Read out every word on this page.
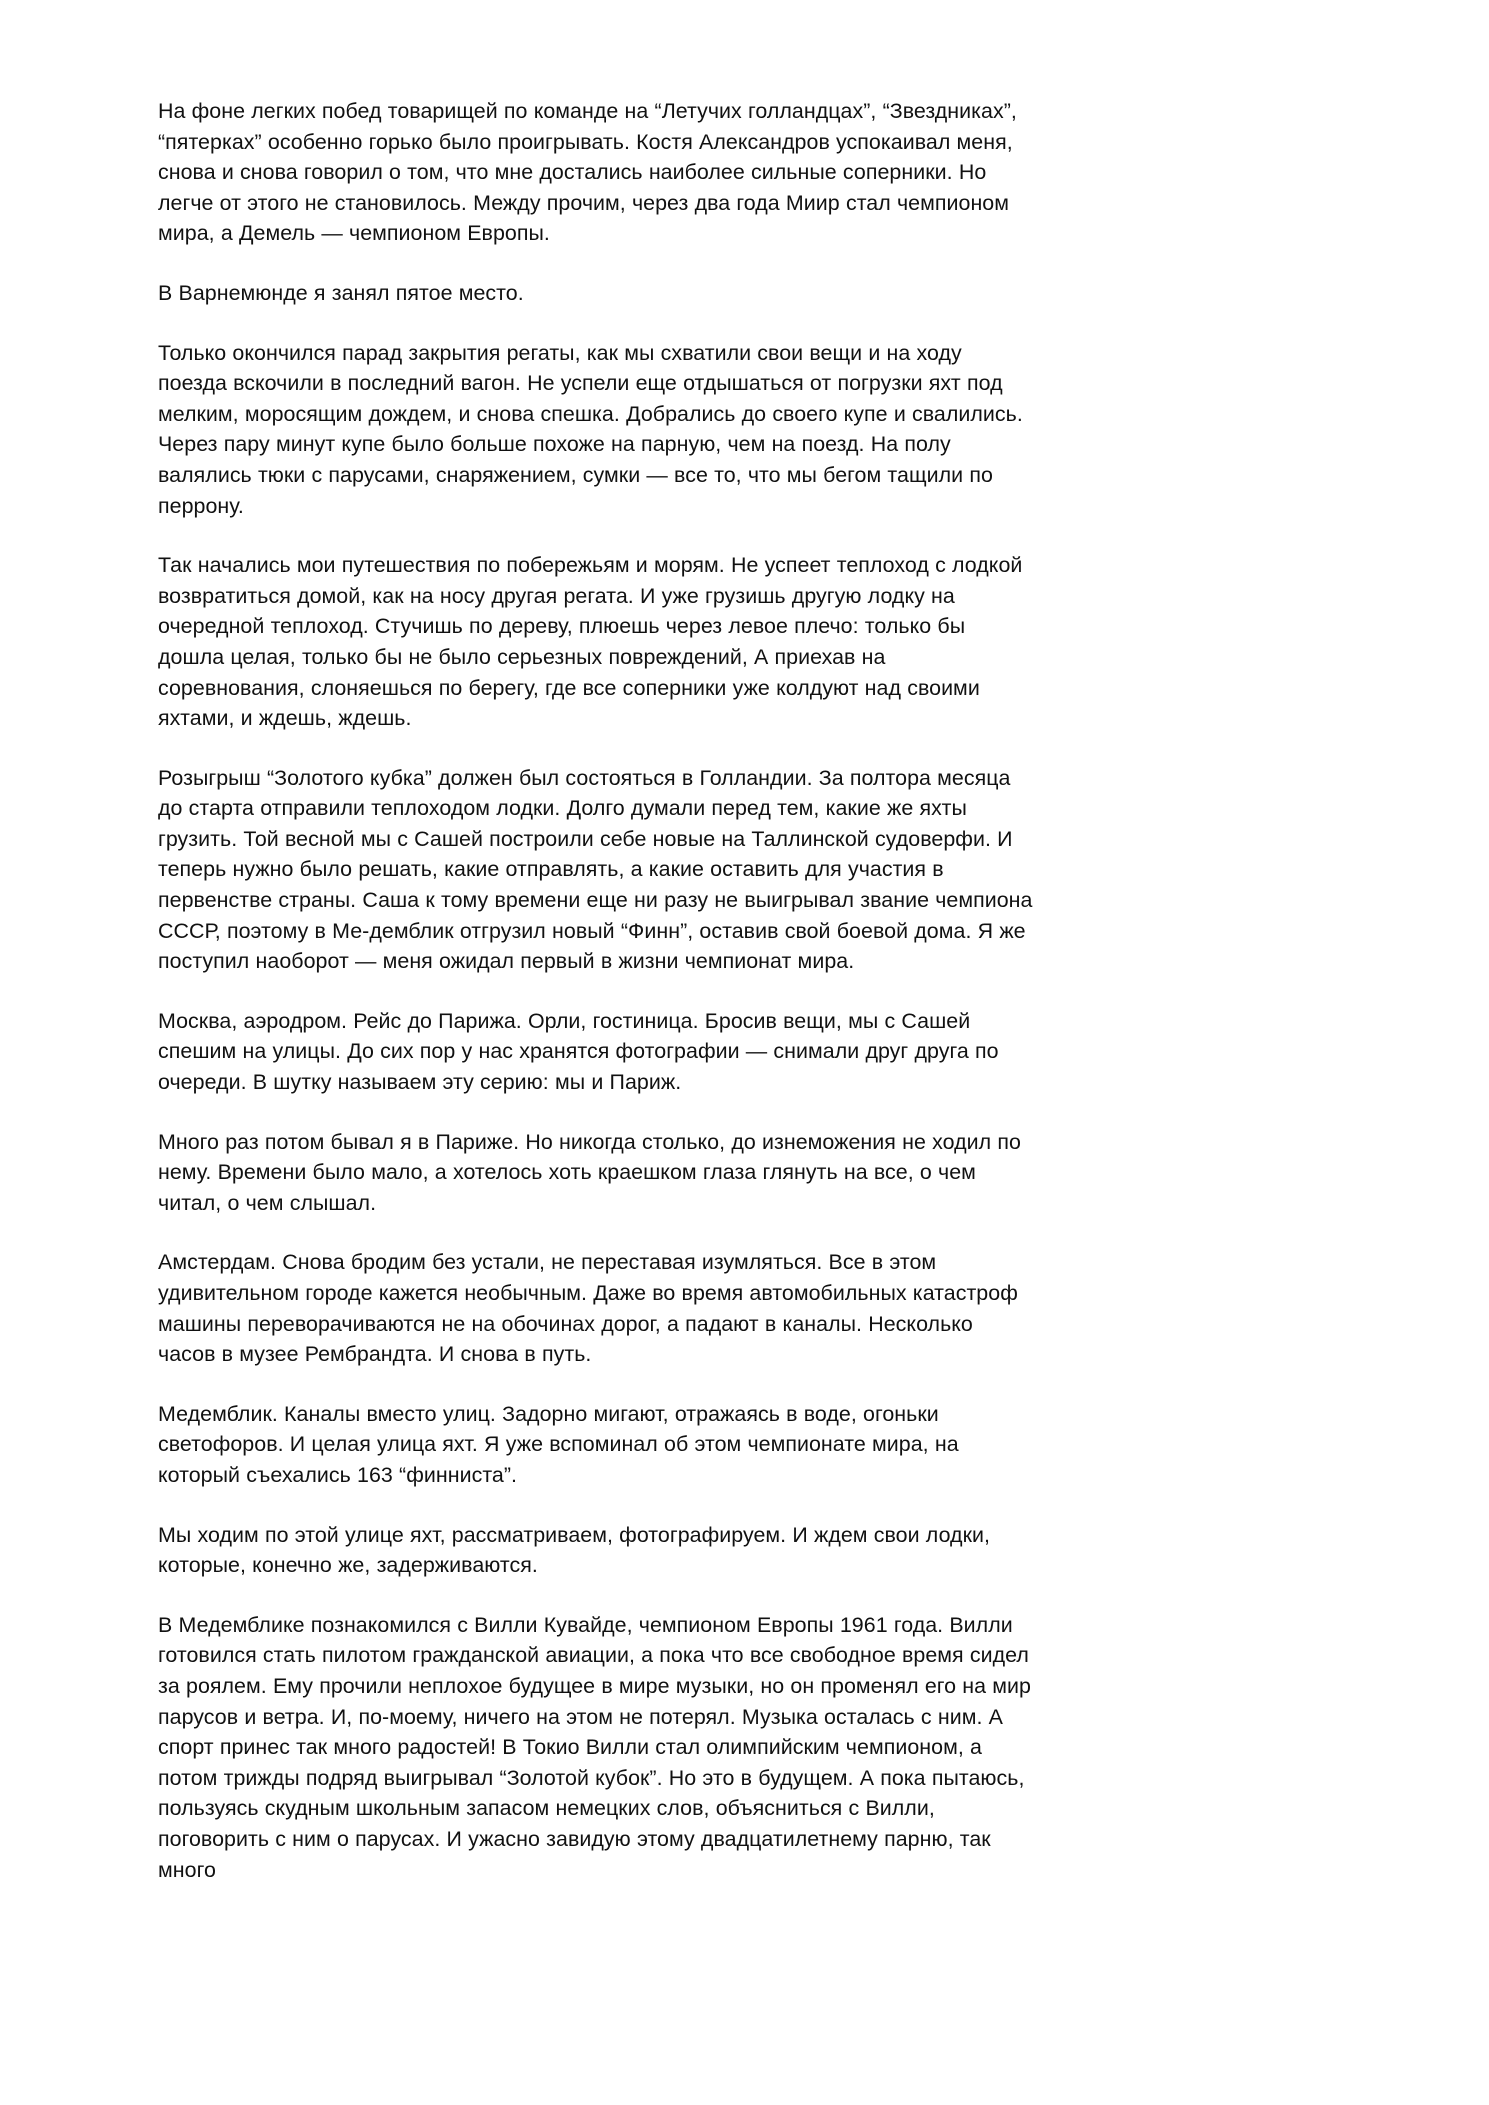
На фоне легких побед товарищей по команде на “Летучих голландцах”, “Звездниках”, “пятерках” особенно горько было проигрывать. Костя Александров успокаивал меня, снова и снова говорил о том, что мне достались наиболее сильные соперники. Но легче от этого не становилось. Между прочим, через два года Миир стал чемпионом мира, а Демель — чемпионом Европы.

В Варнемюнде я занял пятое место.

Только окончился парад закрытия регаты, как мы схватили свои вещи и на ходу поезда вскочили в последний вагон. Не успели еще отдышаться от погрузки яхт под мелким, моросящим дождем, и снова спешка. Добрались до своего купе и свалились. Через пару минут купе было больше похоже на парную, чем на поезд. На полу валялись тюки с парусами, снаряжением, сумки — все то, что мы бегом тащили по перрону.

Так начались мои путешествия по побережьям и морям. Не успеет теплоход с лодкой возвратиться домой, как на носу другая регата. И уже грузишь другую лодку на очередной теплоход. Стучишь по дереву, плюешь через левое плечо: только бы дошла целая, только бы не было серьезных повреждений, А приехав на соревнования, слоняешься по берегу, где все соперники уже колдуют над своими яхтами, и ждешь, ждешь.

Розыгрыш “Золотого кубка” должен был состояться в Голландии. За полтора месяца до старта отправили теплоходом лодки. Долго думали перед тем, какие же яхты грузить. Той весной мы с Сашей построили себе новые на Таллинской судоверфи. И теперь нужно было решать, какие отправлять, а какие оставить для участия в первенстве страны. Саша к тому времени еще ни разу не выигрывал звание чемпиона СССР, поэтому в Ме-демблик отгрузил новый “Финн”, оставив свой боевой дома. Я же поступил наоборот — меня ожидал первый в жизни чемпионат мира.

Москва, аэродром. Рейс до Парижа. Орли, гостиница. Бросив вещи, мы с Сашей спешим на улицы. До сих пор у нас хранятся фотографии — снимали друг друга по очереди. В шутку называем эту серию: мы и Париж.

Много раз потом бывал я в Париже. Но никогда столько, до изнеможения не ходил по нему. Времени было мало, а хотелось хоть краешком глаза глянуть на все, о чем читал, о чем слышал.

Амстердам. Снова бродим без устали, не переставая изумляться. Все в этом удивительном городе кажется необычным. Даже во время автомобильных катастроф машины переворачиваются не на обочинах дорог, а падают в каналы. Несколько часов в музее Рембрандта. И снова в путь.

Медемблик. Каналы вместо улиц. Задорно мигают, отражаясь в воде, огоньки светофоров. И целая улица яхт. Я уже вспоминал об этом чемпионате мира, на который съехались 163 “финниста”.

Мы ходим по этой улице яхт, рассматриваем, фотографируем. И ждем свои лодки, которые, конечно же, задерживаются.

В Медемблике познакомился с Вилли Кувайде, чемпионом Европы 1961 года. Вилли готовился стать пилотом гражданской авиации, а пока что все свободное время сидел за роялем. Ему прочили неплохое будущее в мире музыки, но он променял его на мир парусов и ветра. И, по-моему, ничего на этом не потерял. Музыка осталась с ним. А спорт принес так много радостей! В Токио Вилли стал олимпийским чемпионом, а потом трижды подряд выигрывал “Золотой кубок”. Но это в будущем. А пока пытаюсь, пользуясь скудным школьным запасом немецких слов, объясниться с Вилли, поговорить с ним о парусах. И ужасно завидую этому двадцатилетнему парню, так много
